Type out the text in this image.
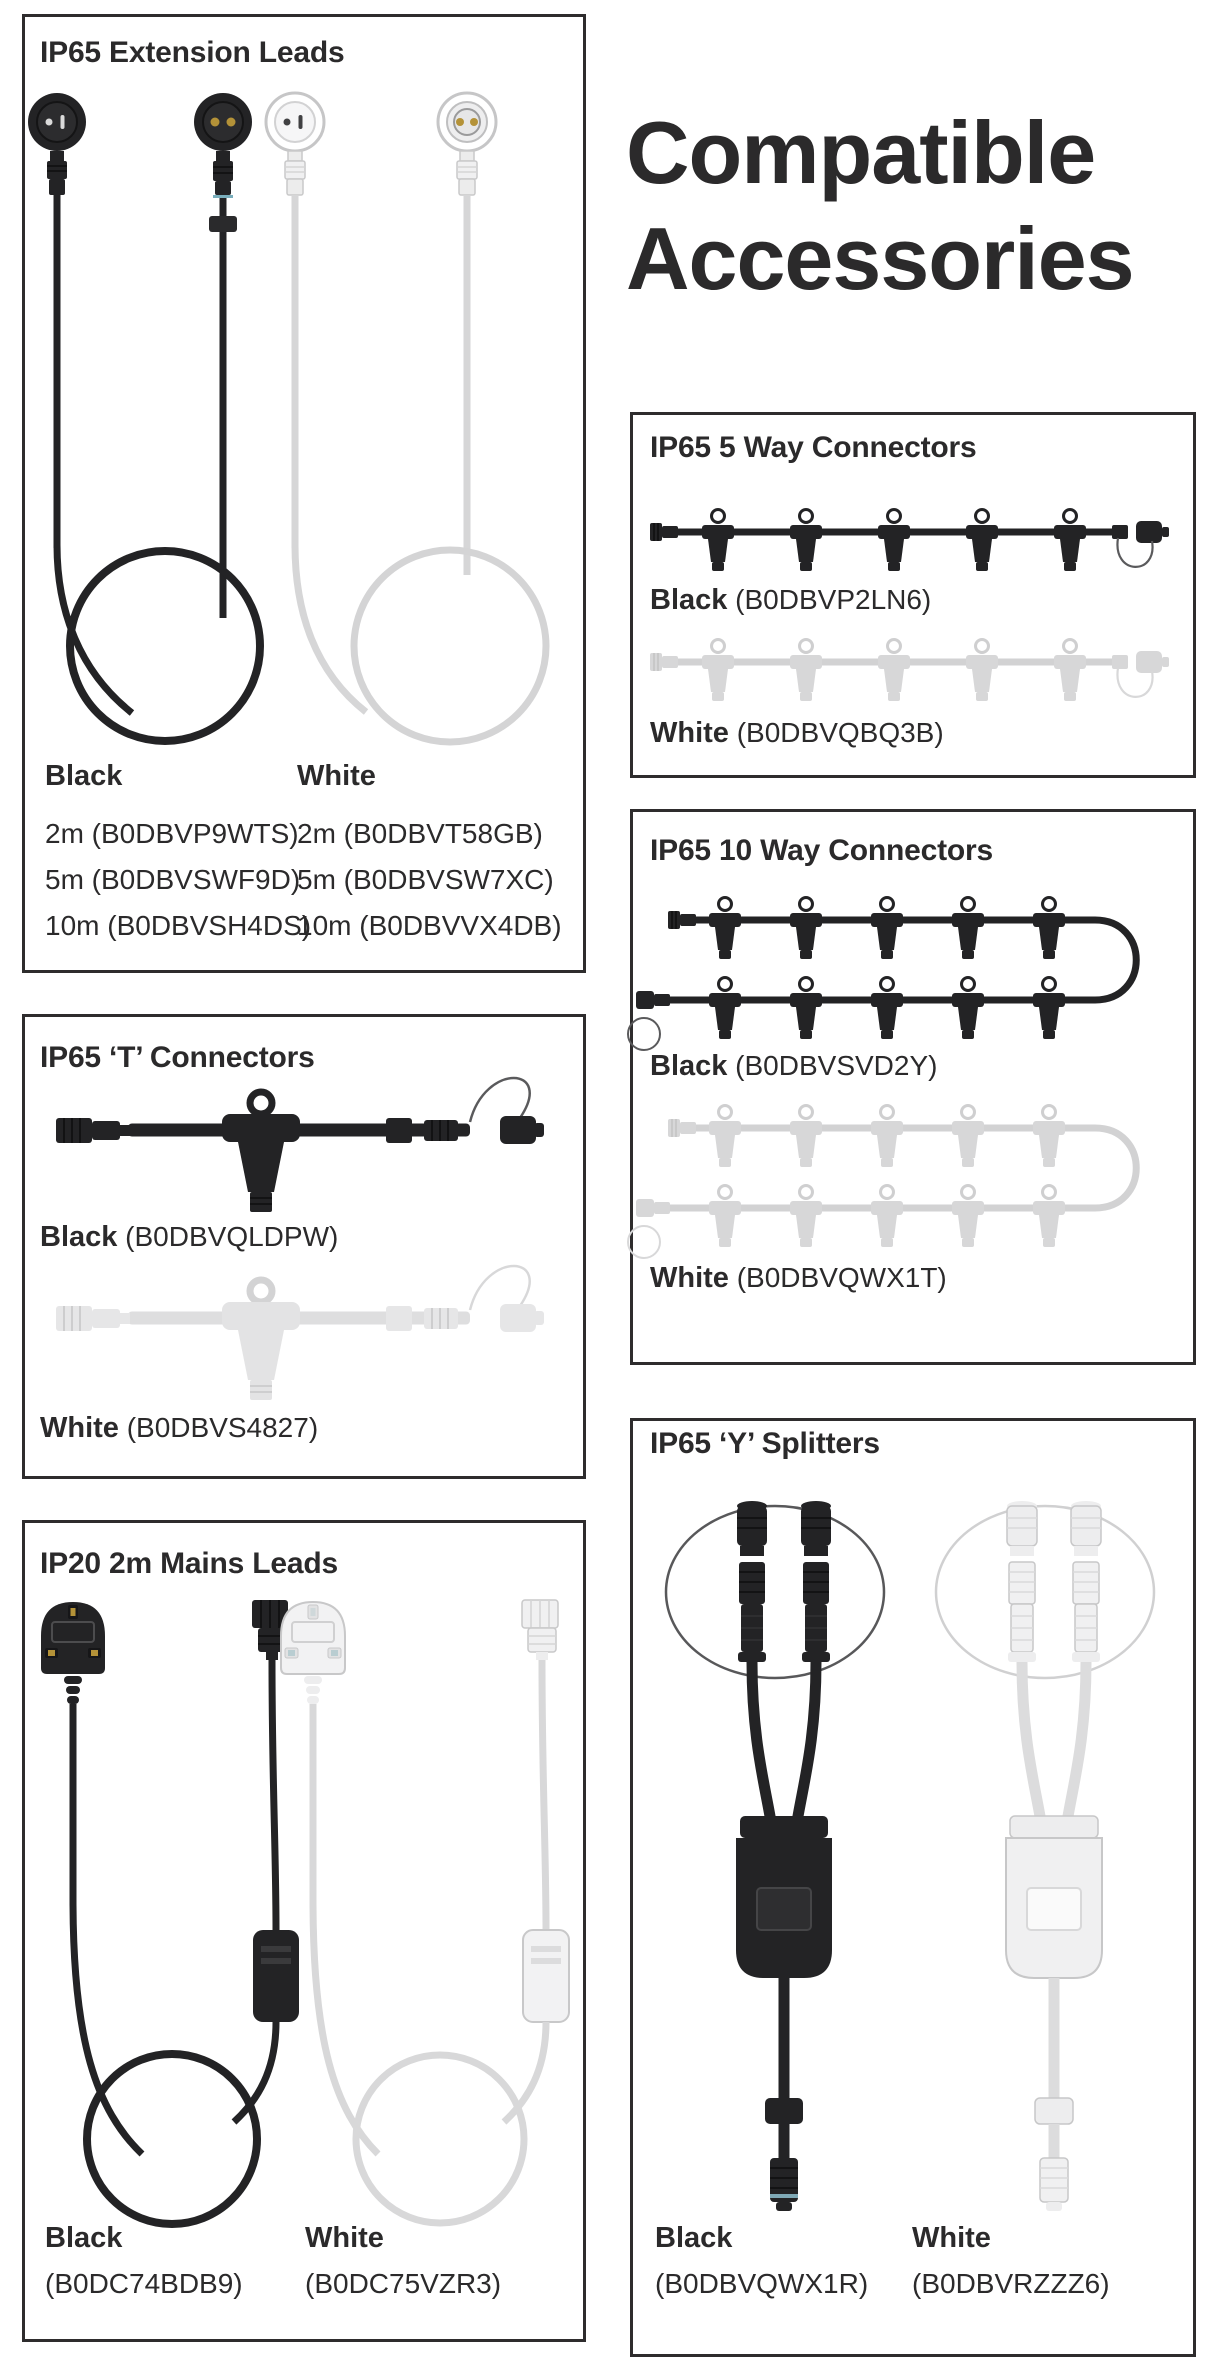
Compatible
Accessories
IP65 Extension Leads
Black
2m (B0DBVP9WTS)
5m (B0DBVSWF9D)
10m (B0DBVSH4DS)
White
2m (B0DBVT58GB)
5m (B0DBVSW7XC)
10m (B0DBVVX4DB)
IP65 5 Way Connectors
Black (B0DBVP2LN6)
White (B0DBVQBQ3B)
IP65 10 Way Connectors
Black (B0DBVSVD2Y)
White (B0DBVQWX1T)
IP65 ‘T’ Connectors
Black (B0DBVQLDPW)
White (B0DBVS4827)
IP20 2m Mains Leads
Black
(B0DC74BDB9)
White
(B0DC75VZR3)
IP65 ‘Y’ Splitters
Black
(B0DBVQWX1R)
White
(B0DBVRZZZ6)
